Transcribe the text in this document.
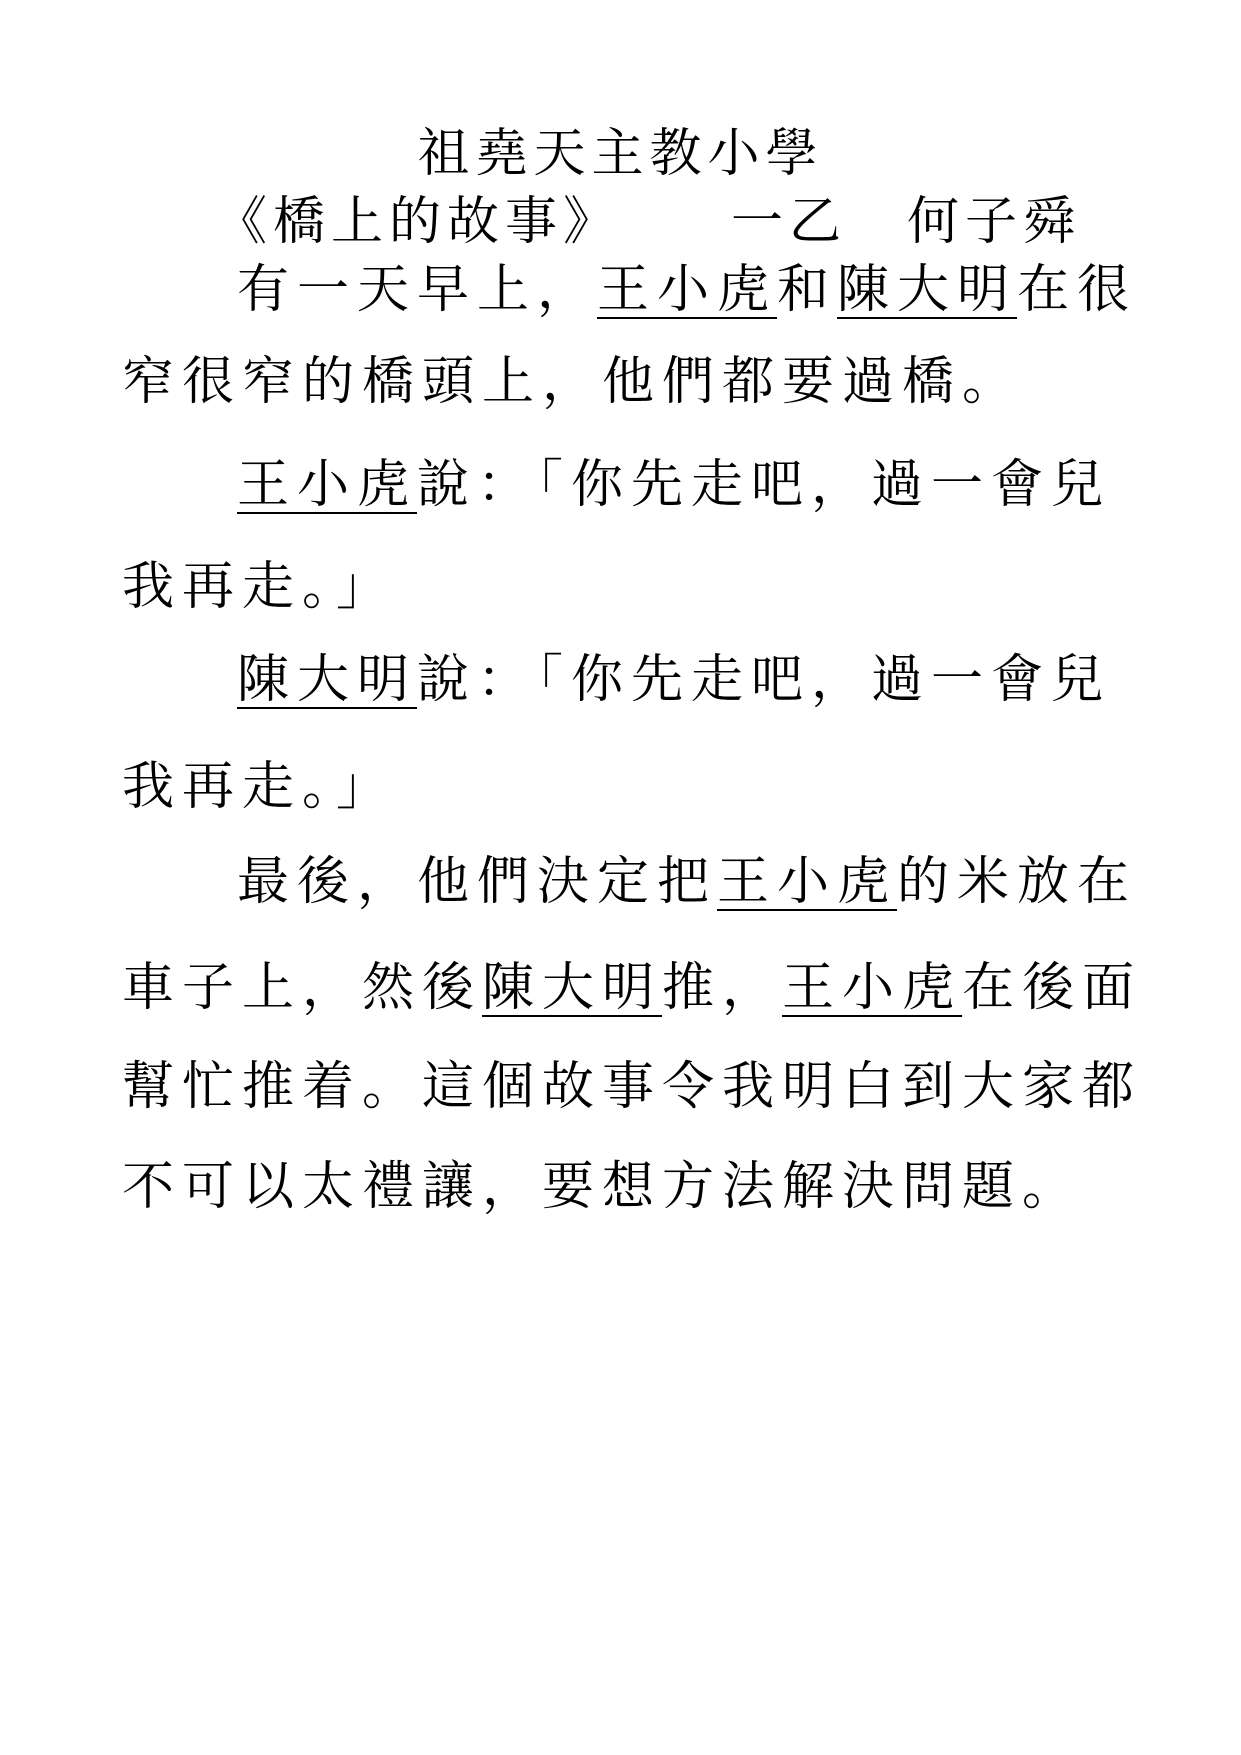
祖堯天主教小學
《橋上的故事》 一乙 何子舜
有一天早上，王小虎和陳大明在很
窄很窄的橋頭上，他們都要過橋。
王小虎說：「你先走吧，過一會兒
我再走。」
陳大明說：「你先走吧，過一會兒
我再走。」
最後，他們決定把王小虎的米放在
車子上，然後陳大明推，王小虎在後面
幫忙推着。這個故事令我明白到大家都
不可以太禮讓，要想方法解決問題。
